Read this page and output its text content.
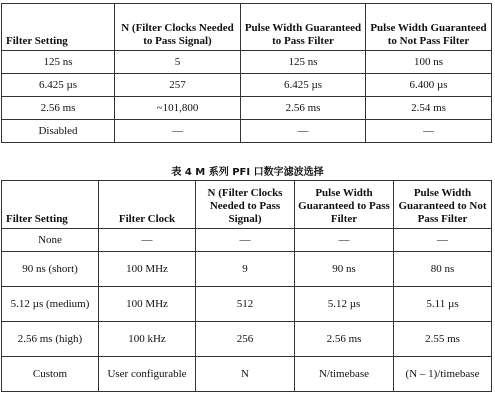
Filter Setting	N (Filter Clocks Needed to Pass Signal)	Pulse Width Guaranteed to Pass Filter	Pulse Width Guaranteed to Not Pass Filter
125 ns	5	125 ns	100 ns
6.425 µs	257	6.425 µs	6.400 µs
2.56 ms	~101,800	2.56 ms	2.54 ms
Disabled	—	—	—
表 4 M 系列 PFI 口数字滤波选择
Filter Setting	Filter Clock	N (Filter Clocks Needed to Pass Signal)	Pulse Width Guaranteed to Pass Filter	Pulse Width Guaranteed to Not Pass Filter
None	—	—	—	—
90 ns (short)	100 MHz	9	90 ns	80 ns
5.12 µs (medium)	100 MHz	512	5.12 µs	5.11 µs
2.56 ms (high)	100 kHz	256	2.56 ms	2.55 ms
Custom	User configurable	N	N/timebase	(N – 1)/timebase
